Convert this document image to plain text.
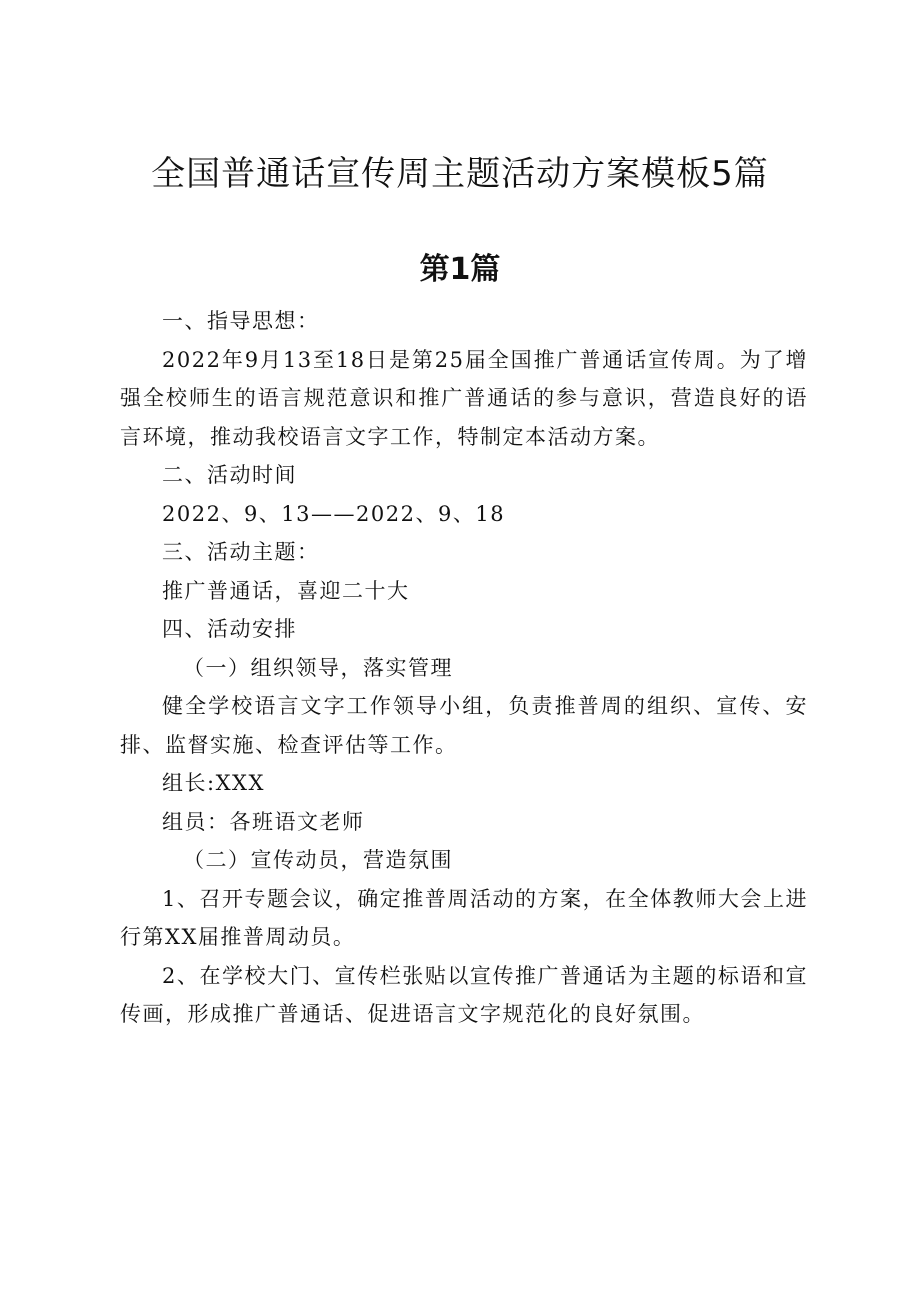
全国普通话宣传周主题活动方案模板5篇
第1篇

一、指导思想：

2022年9月13至18日是第25届全国推广普通话宣传周。为了增强全校师生的语言规范意识和推广普通话的参与意识，营造良好的语言环境，推动我校语言文字工作，特制定本活动方案。

二、活动时间

2022、9、13——2022、9、18

三、活动主题：

推广普通话，喜迎二十大

四、活动安排

（一）组织领导，落实管理

健全学校语言文字工作领导小组，负责推普周的组织、宣传、安排、监督实施、检查评估等工作。

组长:XXX

组员：各班语文老师

（二）宣传动员，营造氛围

1、召开专题会议，确定推普周活动的方案，在全体教师大会上进行第XX届推普周动员。

2、在学校大门、宣传栏张贴以宣传推广普通话为主题的标语和宣传画，形成推广普通话、促进语言文字规范化的良好氛围。
